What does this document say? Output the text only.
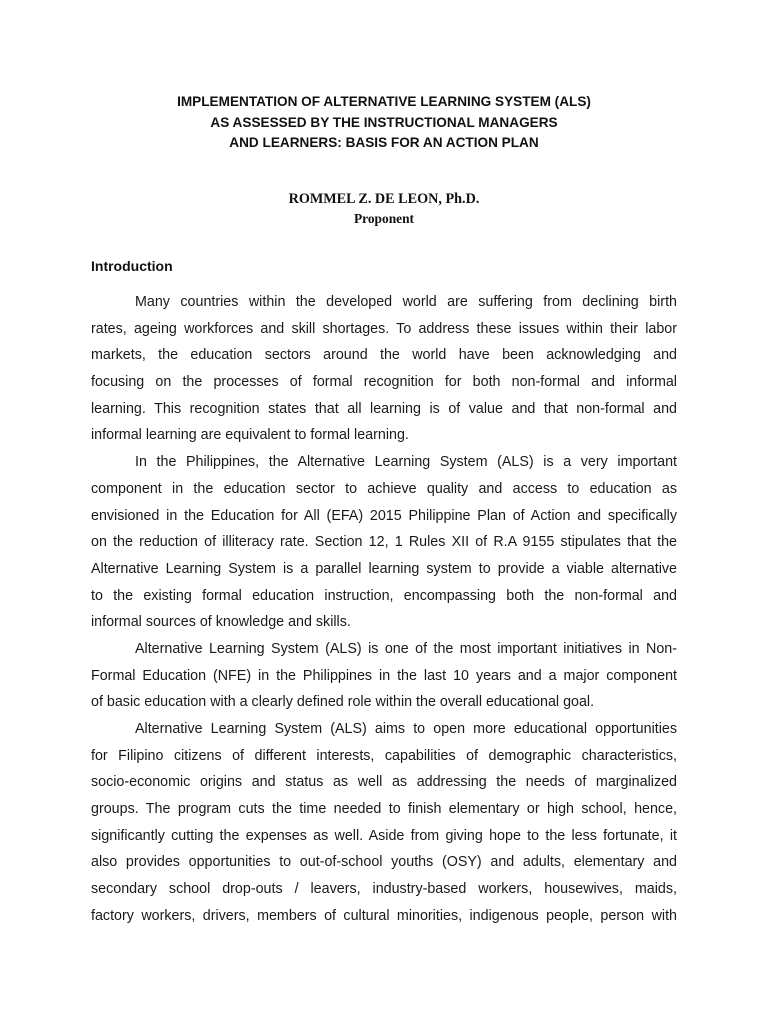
IMPLEMENTATION OF ALTERNATIVE LEARNING SYSTEM (ALS)
AS ASSESSED BY THE INSTRUCTIONAL MANAGERS
AND LEARNERS: BASIS FOR AN ACTION PLAN
ROMMEL Z. DE LEON, Ph.D.
Proponent
Introduction
Many countries within the developed world are suffering from declining birth
rates, ageing workforces and skill shortages. To address these issues within their labor
markets, the education sectors around the world have been acknowledging and
focusing on the processes of formal recognition for both non-formal and informal
learning. This recognition states that all learning is of value and that non-formal and
informal learning are equivalent to formal learning.
In the Philippines, the Alternative Learning System (ALS) is a very important
component in the education sector to achieve quality and access to education as
envisioned in the Education for All (EFA) 2015 Philippine Plan of Action and specifically
on the reduction of illiteracy rate. Section 12, 1 Rules XII of R.A 9155 stipulates that the
Alternative Learning System is a parallel learning system to provide a viable alternative
to the existing formal education instruction, encompassing both the non-formal and
informal sources of knowledge and skills.
Alternative Learning System (ALS) is one of the most important initiatives in Non-
Formal Education (NFE) in the Philippines in the last 10 years and a major component
of basic education with a clearly defined role within the overall educational goal.
Alternative Learning System (ALS) aims to open more educational opportunities
for Filipino citizens of different interests, capabilities of demographic characteristics,
socio-economic origins and status as well as addressing the needs of marginalized
groups. The program cuts the time needed to finish elementary or high school, hence,
significantly cutting the expenses as well. Aside from giving hope to the less fortunate, it
also provides opportunities to out-of-school youths (OSY) and adults, elementary and
secondary school drop-outs / leavers, industry-based workers, housewives, maids,
factory workers, drivers, members of cultural minorities, indigenous people, person with
